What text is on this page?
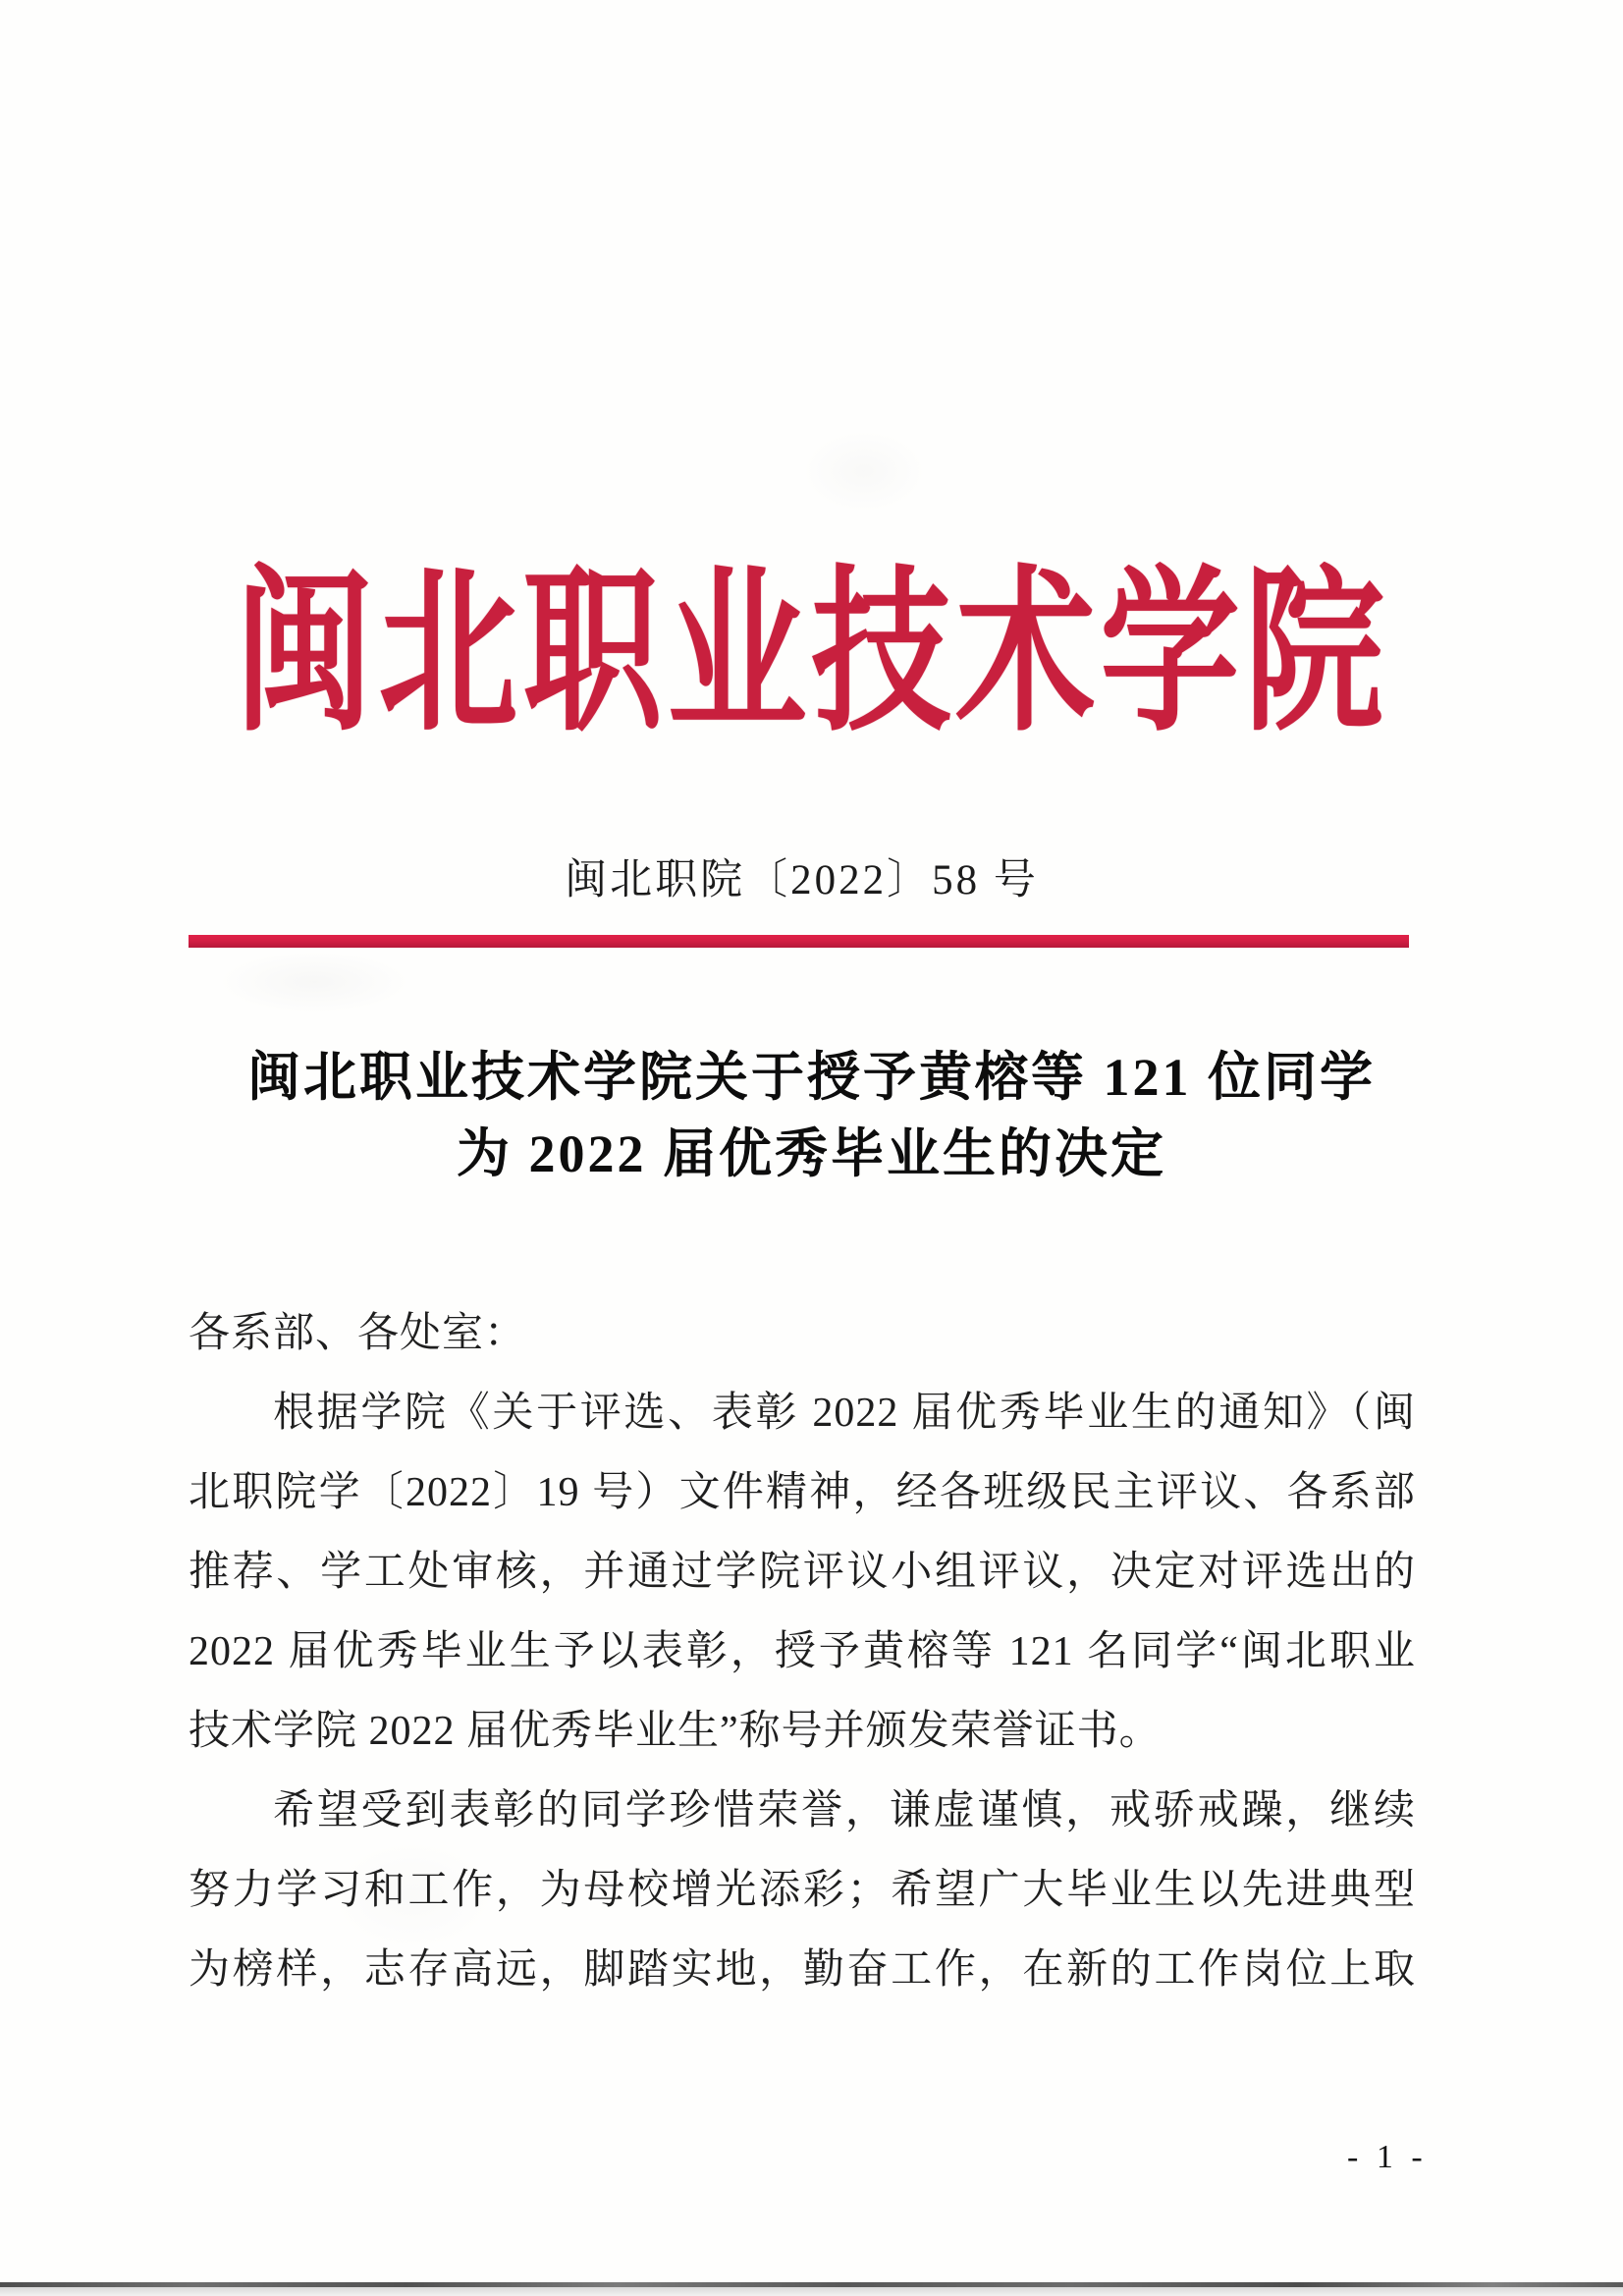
闽北职业技术学院
闽北职院〔2022〕58 号
闽北职业技术学院关于授予黄榕等 121 位同学
为 2022 届优秀毕业生的决定
各系部、各处室：
根据学院《关于评选、表彰 2022 届优秀毕业生的通知》（闽
北职院学〔2022〕19 号）文件精神，经各班级民主评议、各系部
推荐、学工处审核，并通过学院评议小组评议，决定对评选出的
2022 届优秀毕业生予以表彰，授予黄榕等 121 名同学“闽北职业
技术学院 2022 届优秀毕业生”称号并颁发荣誉证书。
希望受到表彰的同学珍惜荣誉，谦虚谨慎，戒骄戒躁，继续
努力学习和工作，为母校增光添彩；希望广大毕业生以先进典型
为榜样，志存高远，脚踏实地，勤奋工作，在新的工作岗位上取
- 1 -
